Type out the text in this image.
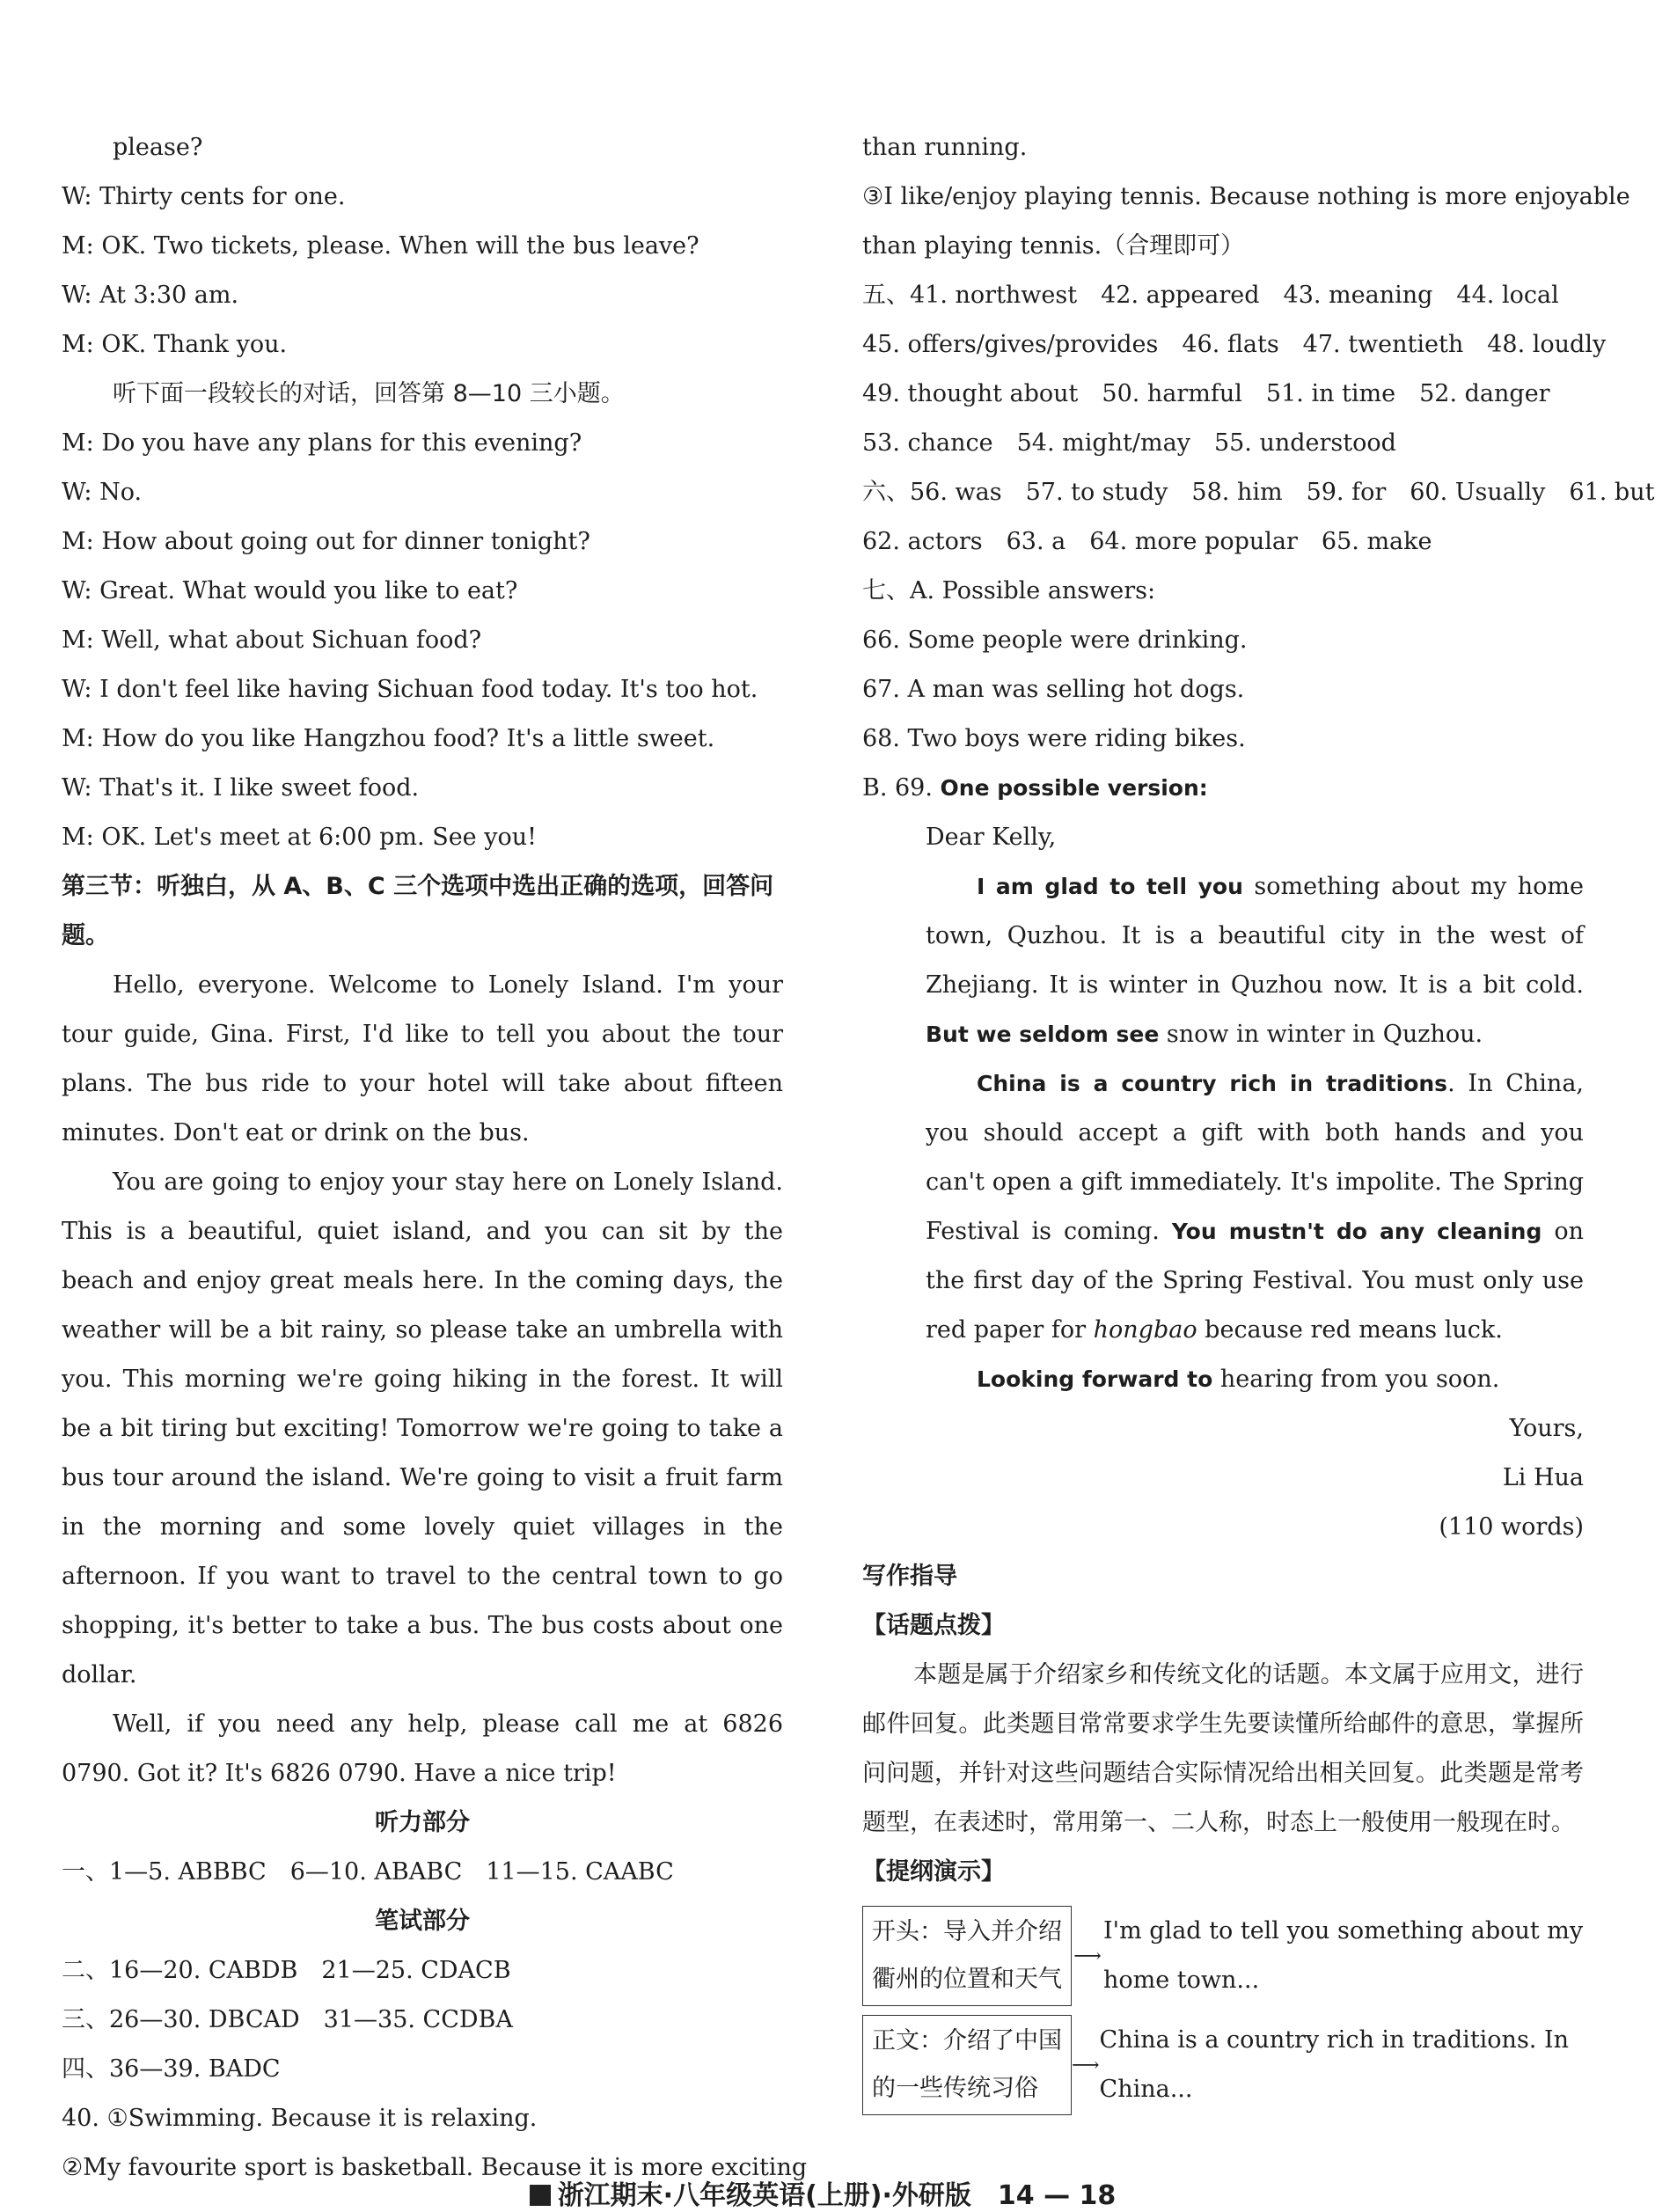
please?
W: Thirty cents for one.
M: OK. Two tickets, please. When will the bus leave?
W: At 3:30 am.
M: OK. Thank you.
听下面一段较长的对话，回答第 8—10 三小题。
M: Do you have any plans for this evening?
W: No.
M: How about going out for dinner tonight?
W: Great. What would you like to eat?
M: Well, what about Sichuan food?
W: I don't feel like having Sichuan food today. It's too hot.
M: How do you like Hangzhou food? It's a little sweet.
W: That's it. I like sweet food.
M: OK. Let's meet at 6:00 pm. See you!
第三节：听独白，从 A、B、C 三个选项中选出正确的选项，回答问题。
Hello, everyone. Welcome to Lonely Island. I'm your tour guide, Gina. First, I'd like to tell you about the tour plans. The bus ride to your hotel will take about fifteen minutes. Don't eat or drink on the bus.
You are going to enjoy your stay here on Lonely Island. This is a beautiful, quiet island, and you can sit by the beach and enjoy great meals here. In the coming days, the weather will be a bit rainy, so please take an umbrella with you. This morning we're going hiking in the forest. It will be a bit tiring but exciting! Tomorrow we're going to take a bus tour around the island. We're going to visit a fruit farm in the morning and some lovely quiet villages in the afternoon. If you want to travel to the central town to go shopping, it's better to take a bus. The bus costs about one dollar.
Well, if you need any help, please call me at 6826 0790. Got it? It's 6826 0790. Have a nice trip!
听力部分
一、1—5. ABBBC　6—10. ABABC　11—15. CAABC
笔试部分
二、16—20. CABDB　21—25. CDACB
三、26—30. DBCAD　31—35. CCDBA
四、36—39. BADC
40. ①Swimming. Because it is relaxing.
②My favourite sport is basketball. Because it is more exciting
than running.
③I like/enjoy playing tennis. Because nothing is more enjoyable
than playing tennis.（合理即可）
五、41. northwest　42. appeared　43. meaning　44. local
45. offers/gives/provides　46. flats　47. twentieth　48. loudly
49. thought about　50. harmful　51. in time　52. danger
53. chance　54. might/may　55. understood
六、56. was　57. to study　58. him　59. for　60. Usually　61. but
62. actors　63. a　64. more popular　65. make
七、A. Possible answers:
66. Some people were drinking.
67. A man was selling hot dogs.
68. Two boys were riding bikes.
B. 69. One possible version:
Dear Kelly,
I am glad to tell you something about my home town, Quzhou. It is a beautiful city in the west of Zhejiang. It is winter in Quzhou now. It is a bit cold. But we seldom see snow in winter in Quzhou.
China is a country rich in traditions. In China, you should accept a gift with both hands and you can't open a gift immediately. It's impolite. The Spring Festival is coming. You mustn't do any cleaning on the first day of the Spring Festival. You must only use red paper for hongbao because red means luck.
Looking forward to hearing from you soon.
Yours,
Li Hua
(110 words)
写作指导
【话题点拨】
本题是属于介绍家乡和传统文化的话题。本文属于应用文，进行邮件回复。此类题目常常要求学生先要读懂所给邮件的意思，掌握所问问题，并针对这些问题结合实际情况给出相关回复。此类题是常考题型，在表述时，常用第一、二人称，时态上一般使用一般现在时。
【提纲演示】
开头：导入并介绍
衢州的位置和天气
⟶
I'm glad to tell you something about my
home town...
正文：介绍了中国
的一些传统习俗
⟶
China is a country rich in traditions. In China...
浙江期末·八年级英语(上册)·外研版　14 — 18
